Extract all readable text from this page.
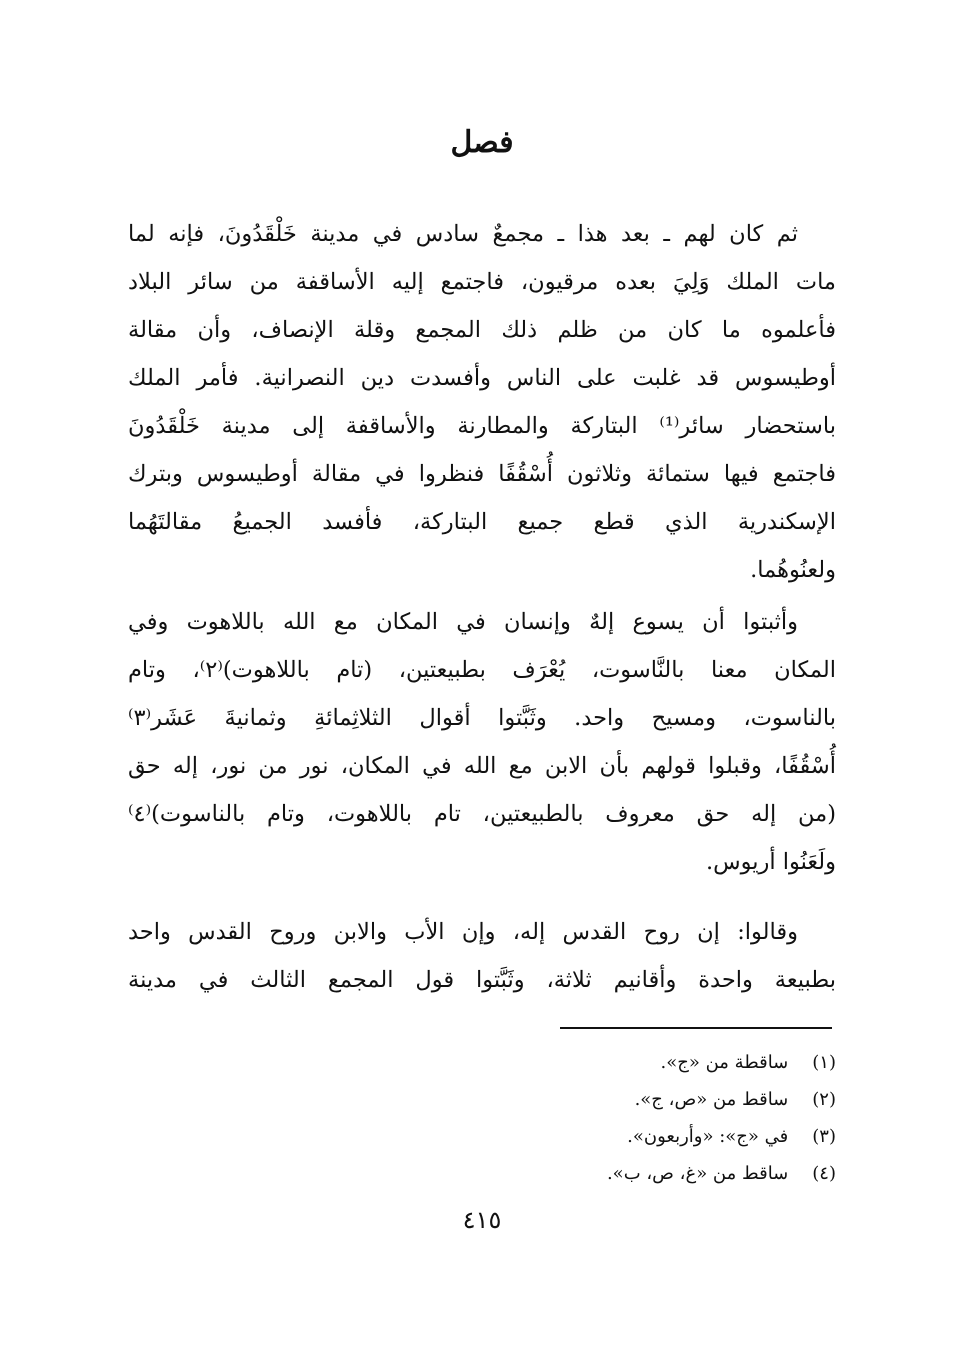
فصل
ثم كان لهم ـ بعد هذا ـ مجمعٌ سادس في مدينة خَلْقَدُونَ، فإنه لما
مات الملك وَلِيَ بعده مرقيون، فاجتمع إليه الأساقفة من سائر البلاد
فأعلموه ما كان من ظلم ذلك المجمع وقلة الإنصاف، وأن مقالة
أوطيسوس قد غلبت على الناس وأفسدت دين النصرانية. فأمر الملك
باستحضار سائر⁽¹⁾ البتاركة والمطارنة والأساقفة إلى مدينة خَلْقَدُونَ
فاجتمع فيها ستمائة وثلاثون أُسْقُفًا فنظروا في مقالة أوطيسوس وبترك
الإسكندرية الذي قطع جميع البتاركة، فأفسد الجميعُ مقالتَهُما
ولعنُوهُما.
وأثبتوا أن يسوع إلهٌ وإنسان في المكان مع الله باللاهوت وفي
المكان معنا بالنَّاسوت، يُعْرَف بطبيعتين، (تام باللاهوت)⁽٢⁾، وتام
بالناسوت، ومسيح واحد. وثَبَّتوا أقوال الثلاثِمائةِ وثمانيةَ عَشَر⁽٣⁾
أُسْقُفًا، وقبلوا قولهم بأن الابن مع الله في المكان، نور من نور، إله حق
(من إله حق معروف بالطبيعتين، تام باللاهوت، وتام بالناسوت)⁽٤⁾
ولَعَنُوا أريوس.
وقالوا: إن روح القدس إله، وإن الأب والابن وروح القدس واحد
بطبيعة واحدة وأقانيم ثلاثة، وثَبَّتوا قول المجمع الثالث في مدينة
(١) ساقطة من «ج».
(٢) ساقط من «ص، ج».
(٣) في «ج»: «وأربعون».
(٤) ساقط من «غ، ص، ب».
٤١٥
